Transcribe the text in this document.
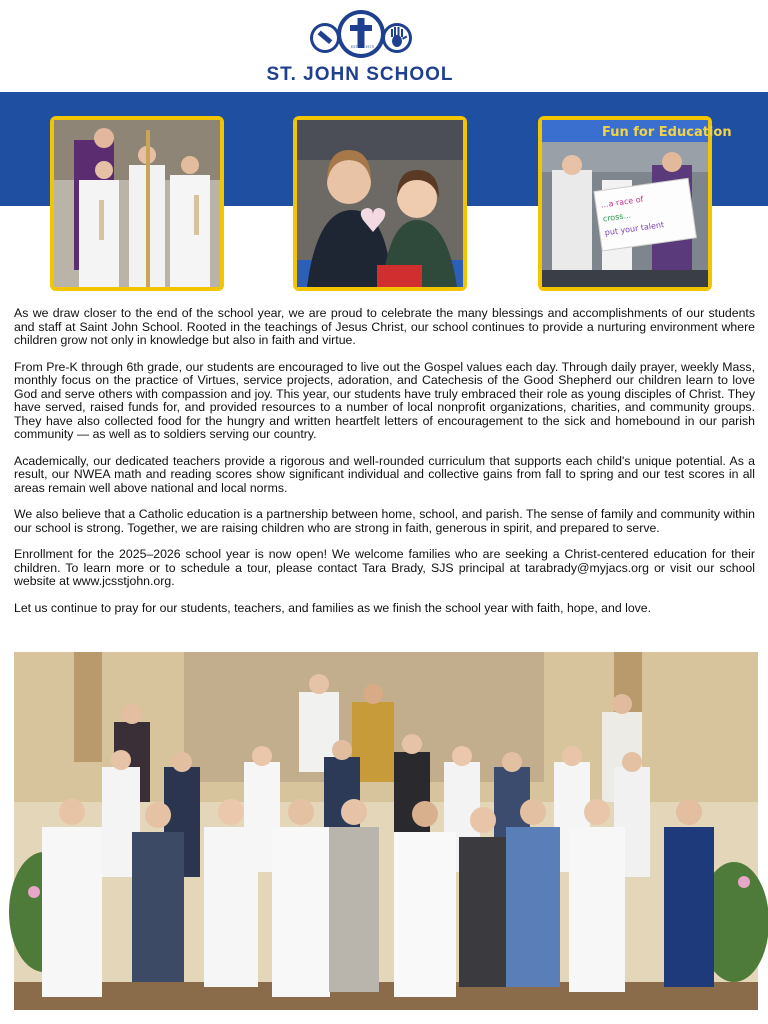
EST. 1973
ST. JOHN SCHOOL
Fun for Education
...a race of
cross...
put your talent

As we draw closer to the end of the school year, we are proud to celebrate the many blessings and accomplishments of our students and staff at Saint John School. Rooted in the teachings of Jesus Christ, our school continues to provide a nurturing environment where children grow not only in knowledge but also in faith and virtue.

From Pre-K through 6th grade, our students are encouraged to live out the Gospel values each day. Through daily prayer, weekly Mass, monthly focus on the practice of Virtues, service projects, adoration, and Catechesis of the Good Shepherd our children learn to love God and serve others with compassion and joy. This year, our students have truly embraced their role as young disciples of Christ. They have served, raised funds for, and provided resources to a number of local nonprofit organizations, charities, and community groups. They have also collected food for the hungry and written heartfelt letters of encouragement to the sick and homebound in our parish community — as well as to soldiers serving our country.

Academically, our dedicated teachers provide a rigorous and well-rounded curriculum that supports each child's unique potential. As a result, our NWEA math and reading scores show significant individual and collective gains from fall to spring and our test scores in all areas remain well above national and local norms.

We also believe that a Catholic education is a partnership between home, school, and parish. The sense of family and community within our school is strong. Together, we are raising children who are strong in faith, generous in spirit, and prepared to serve.

Enrollment for the 2025–2026 school year is now open! We welcome families who are seeking a Christ-centered education for their children. To learn more or to schedule a tour, please contact Tara Brady, SJS principal at tarabrady@myjacs.org or visit our school website at www.jcsstjohn.org.

Let us continue to pray for our students, teachers, and families as we finish the school year with faith, hope, and love.
